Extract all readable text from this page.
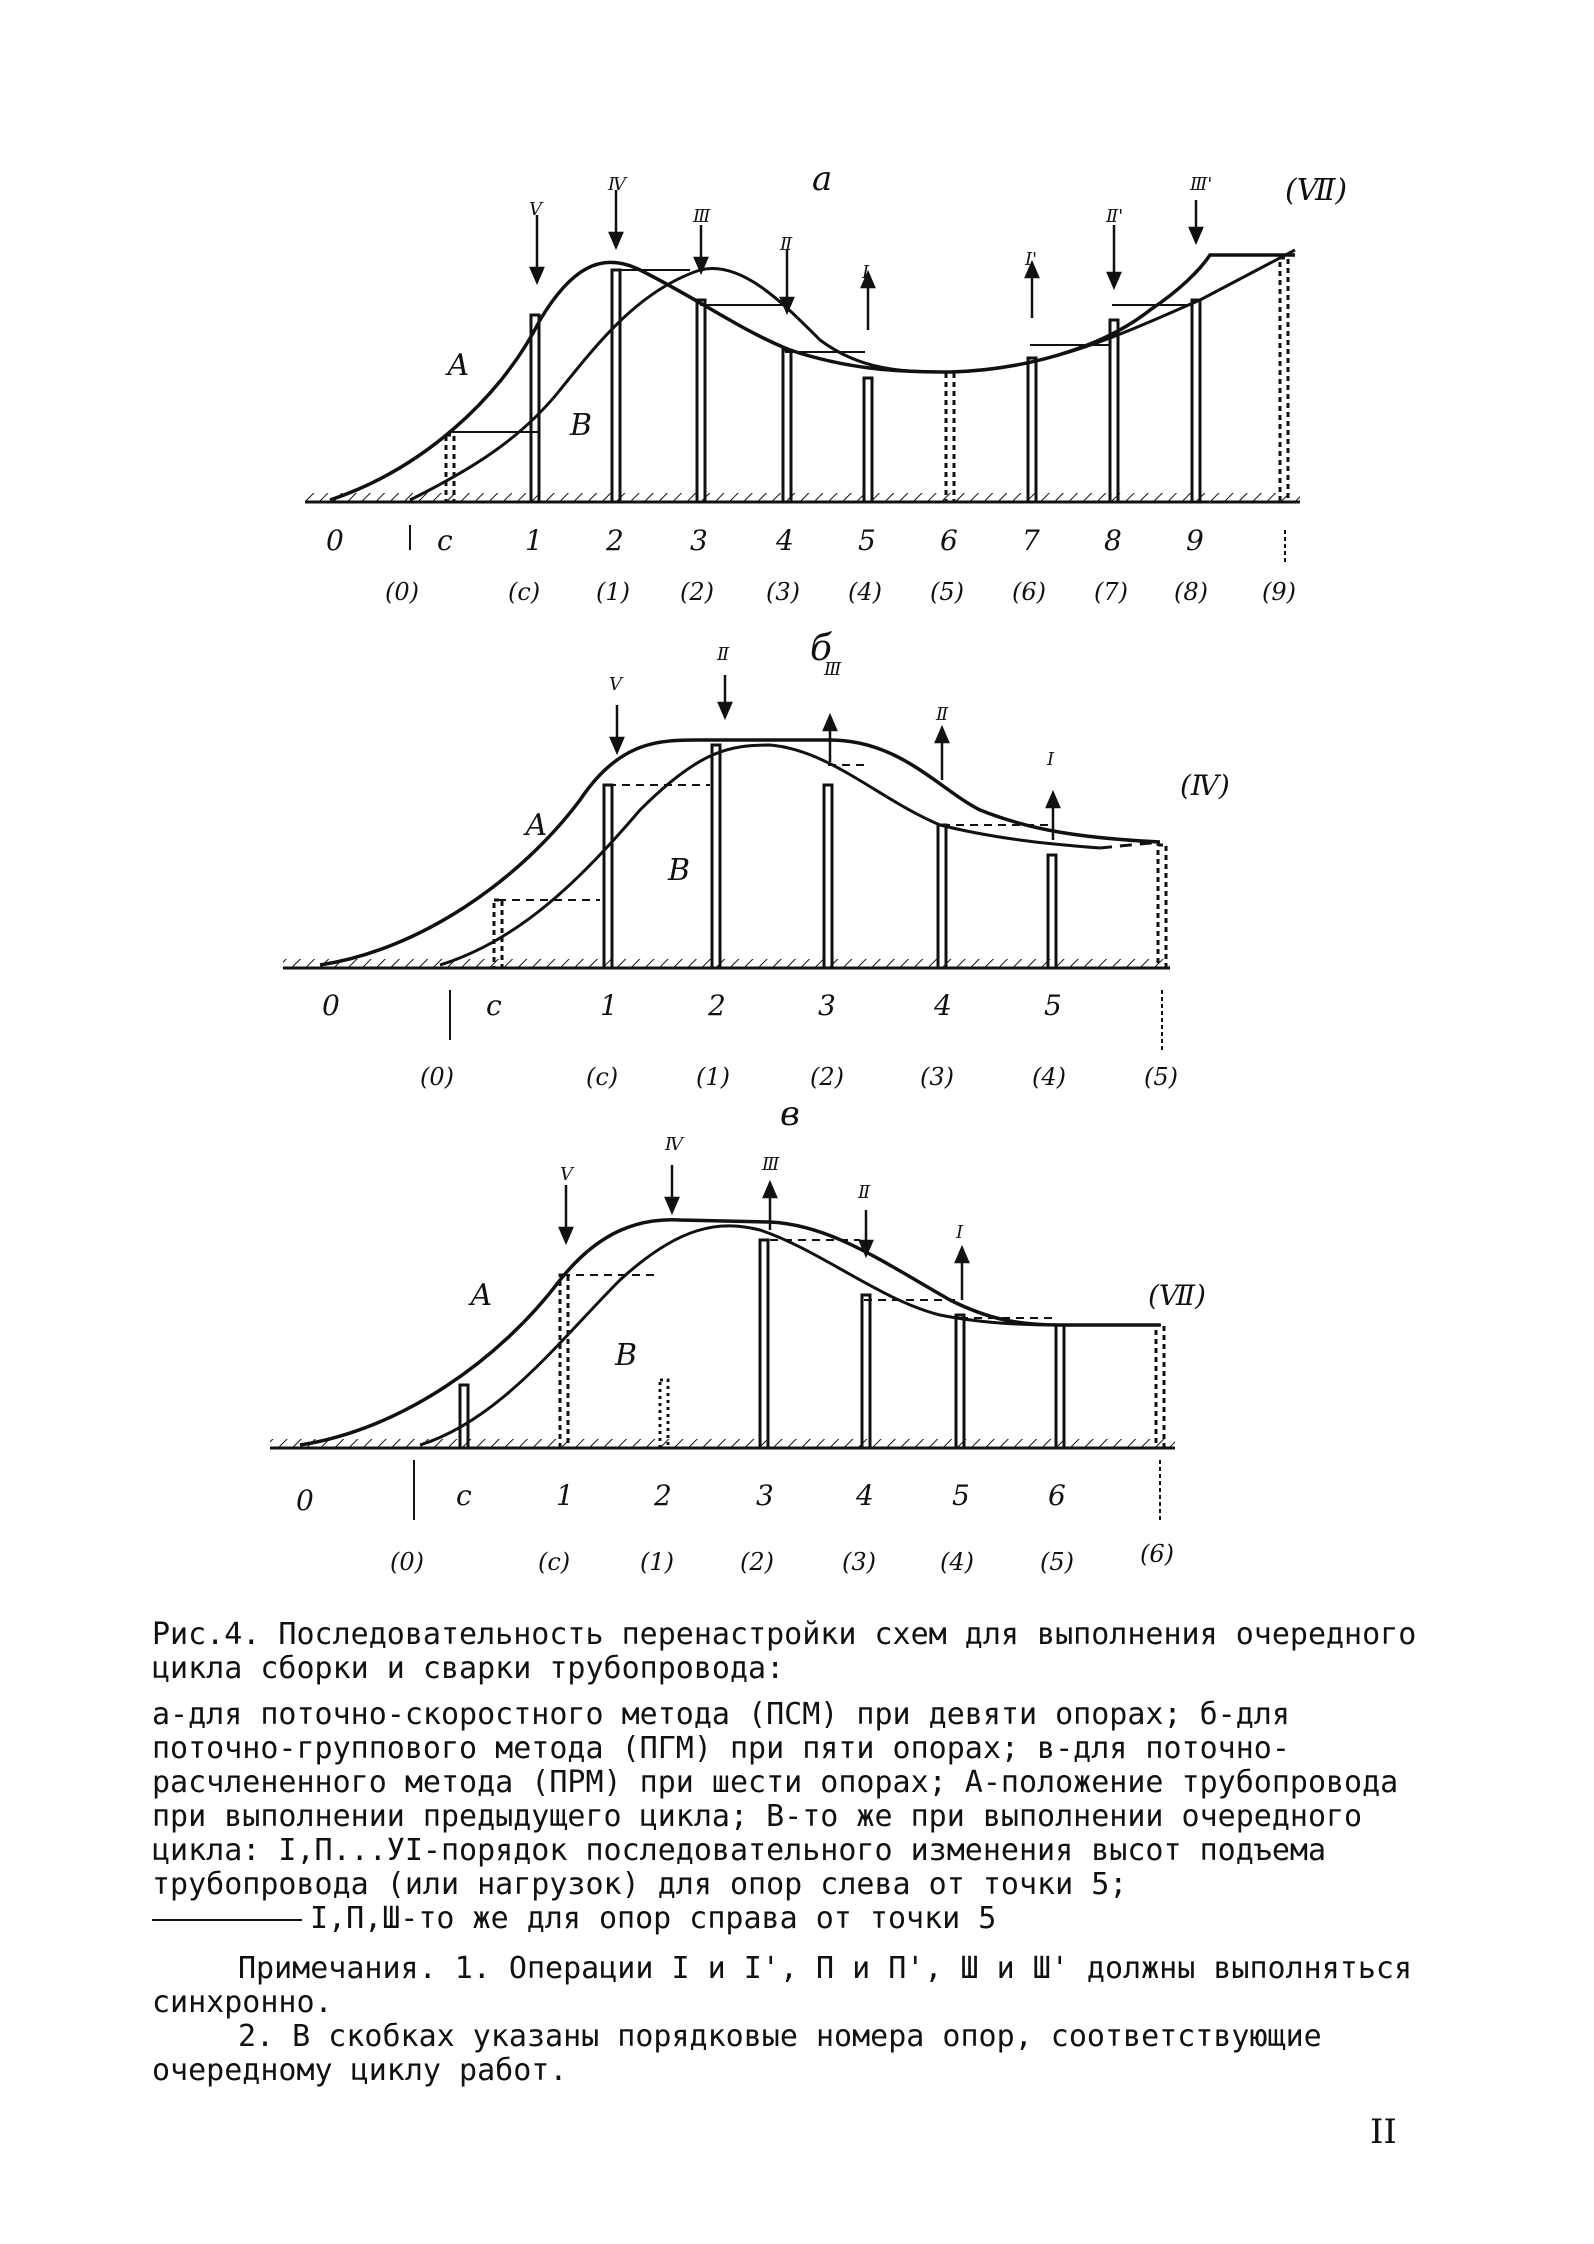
а
А
В
(Ⅶ)
Ⅴ
Ⅳ
Ⅲ
Ⅱ
Ⅰ
Ⅰ'
Ⅱ'
Ⅲ'
0	с	1 2 3 4 5 6 7 8 9
(0)	(с) (1) (2) (3) (4) (5) (6) (7) (8) (9)
б
А
В
(Ⅳ)
Ⅴ
Ⅱ
Ⅲ
Ⅱ
Ⅰ
0	с	1	2	3	4	5
(0)	(с)	(1)	(2)	(3)	(4)	(5)
в
А
В
(Ⅶ)
Ⅴ
Ⅳ
Ⅲ
Ⅱ
Ⅰ
0	с	1	2	3	4	5	6
(0)	(с)	(1)	(2)	(3)	(4)	(5)	(6)
Рис.4. Последовательность перенастройки схем для выполнения очередного цикла сборки и сварки трубопровода:
а-для поточно-скоростного метода (ПСМ) при девяти опорах; б-для поточно-группового метода (ПГМ) при пяти опорах; в-для поточно-расчлененного метода (ПРМ) при шести опорах; А-положение трубопровода при выполнении предыдущего цикла; В-то же при выполнении очередного цикла: I,П...УI-порядок последовательного изменения высот подъема трубопровода (или нагрузок) для опор слева от точки 5;
I,П,Ш-то же для опор справа от точки 5
Примечания. 1. Операции I и I', П и П', Ш и Ш' должны выполняться синхронно.
2. В скобках указаны порядковые номера опор, соответствующие очередному циклу работ.
II
